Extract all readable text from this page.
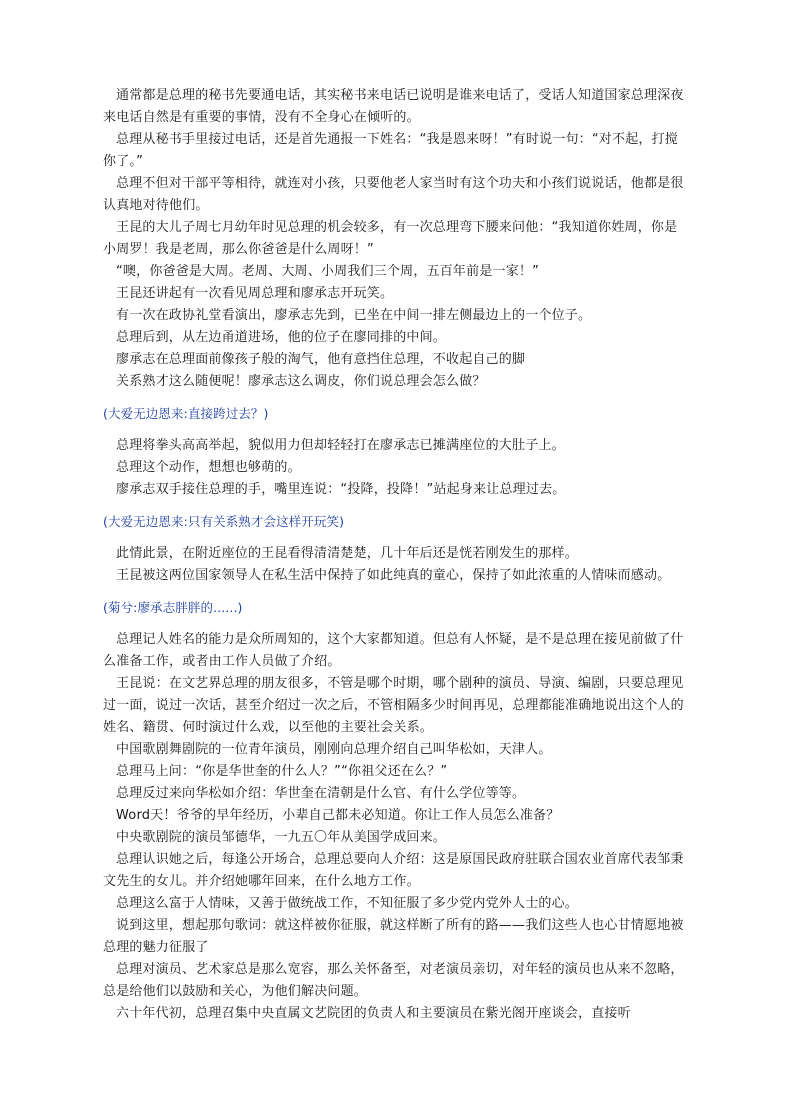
通常都是总理的秘书先要通电话，其实秘书来电话已说明是谁来电话了，受话人知道国家总理深夜来电话自然是有重要的事情，没有不全身心在倾听的。

总理从秘书手里接过电话，还是首先通报一下姓名：“我是恩来呀！”有时说一句：“对不起，打搅你了。”

总理不但对干部平等相待，就连对小孩，只要他老人家当时有这个功夫和小孩们说说话，他都是很认真地对待他们。

王昆的大儿子周七月幼年时见总理的机会较多，有一次总理弯下腰来问他：“我知道你姓周，你是小周罗！我是老周，那么你爸爸是什么周呀！”

“噢，你爸爸是大周。老周、大周、小周我们三个周，五百年前是一家！”

王昆还讲起有一次看见周总理和廖承志开玩笑。

有一次在政协礼堂看演出，廖承志先到，已坐在中间一排左侧最边上的一个位子。

总理后到，从左边甬道进场，他的位子在廖同排的中间。

廖承志在总理面前像孩子般的淘气，他有意挡住总理，不收起自己的脚

关系熟才这么随便呢！廖承志这么调皮，你们说总理会怎么做？

(大爱无边恩来:直接跨过去？)

总理将拳头高高举起，貌似用力但却轻轻打在廖承志已摊满座位的大肚子上。

总理这个动作，想想也够萌的。

廖承志双手接住总理的手，嘴里连说：“投降，投降！”站起身来让总理过去。

(大爱无边恩来:只有关系熟才会这样开玩笑)

此情此景，在附近座位的王昆看得清清楚楚，几十年后还是恍若刚发生的那样。

王昆被这两位国家领导人在私生活中保持了如此纯真的童心，保持了如此浓重的人情味而感动。

(菊兮:廖承志胖胖的......)

总理记人姓名的能力是众所周知的，这个大家都知道。但总有人怀疑，是不是总理在接见前做了什么准备工作，或者由工作人员做了介绍。

王昆说：在文艺界总理的朋友很多，不管是哪个时期，哪个剧种的演员、导演、编剧，只要总理见过一面，说过一次话，甚至介绍过一次之后，不管相隔多少时间再见，总理都能准确地说出这个人的姓名、籍贯、何时演过什么戏，以至他的主要社会关系。

中国歌剧舞剧院的一位青年演员，刚刚向总理介绍自己叫华松如，天津人。

总理马上问：“你是华世奎的什么人？”“你祖父还在么？”

总理反过来向华松如介绍：华世奎在清朝是什么官、有什么学位等等。

Word天！爷爷的早年经历，小辈自己都未必知道。你让工作人员怎么准备？

中央歌剧院的演员邹德华，一九五〇年从美国学成回来。

总理认识她之后，每逢公开场合，总理总要向人介绍：这是原国民政府驻联合国农业首席代表邹秉文先生的女儿。并介绍她哪年回来，在什么地方工作。

总理这么富于人情味，又善于做统战工作，不知征服了多少党内党外人士的心。

说到这里，想起那句歌词：就这样被你征服，就这样断了所有的路——我们这些人也心甘情愿地被总理的魅力征服了

总理对演员、艺术家总是那么宽容，那么关怀备至，对老演员亲切，对年轻的演员也从来不忽略，总是给他们以鼓励和关心，为他们解决问题。

六十年代初，总理召集中央直属文艺院团的负责人和主要演员在紫光阁开座谈会，直接听
